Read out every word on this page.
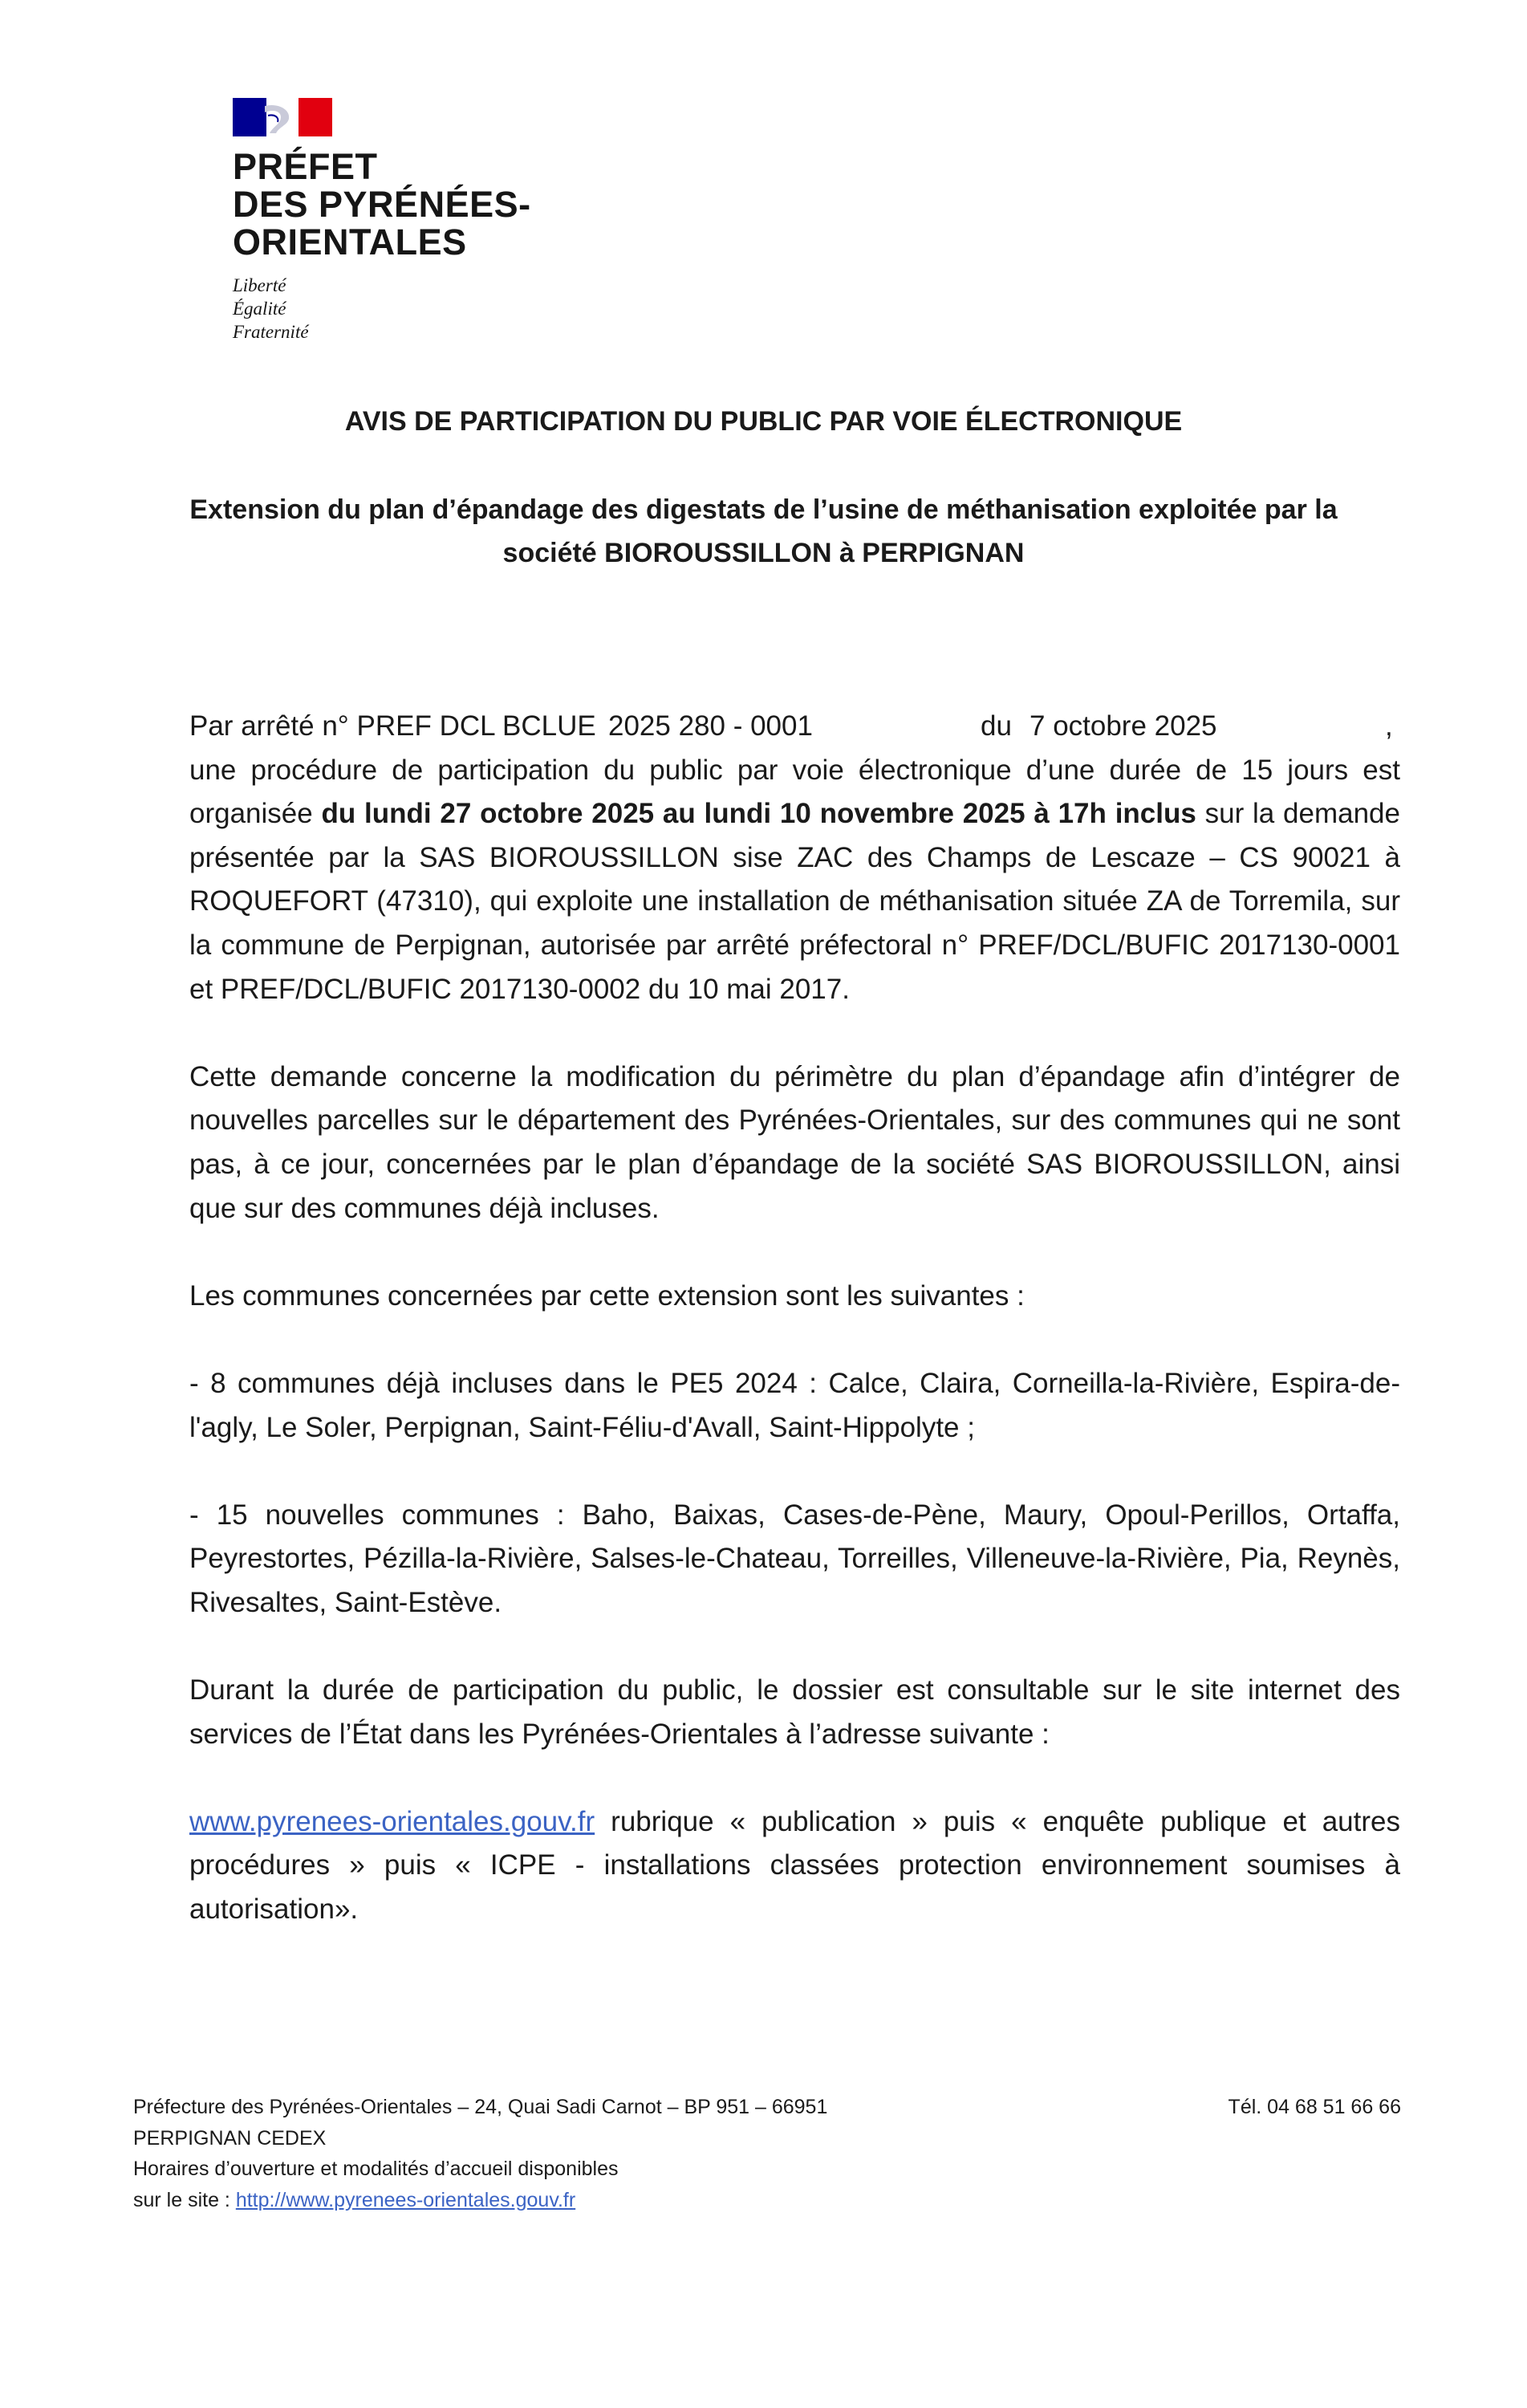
PRÉFET
DES PYRÉNÉES-
ORIENTALES
Liberté
Égalité
Fraternité
AVIS DE PARTICIPATION DU PUBLIC PAR VOIE ÉLECTRONIQUE
Extension du plan d’épandage des digestats de l’usine de méthanisation exploitée par la
société BIOROUSSILLON à PERPIGNAN
Par arrêté n° PREF DCL BCLUE 2025 280 - 0001	du 7 octobre 2025	,

une procédure de participation du public par voie électronique d’une durée de 15 jours est organisée du lundi 27 octobre 2025 au lundi 10 novembre 2025 à 17h inclus sur la demande présentée par la SAS BIOROUSSILLON sise ZAC des Champs de Lescaze – CS 90021 à ROQUEFORT (47310), qui exploite une installation de méthanisation située ZA de Torremila, sur la commune de Perpignan, autorisée par arrêté préfectoral n° PREF/DCL/BUFIC 2017130-0001 et PREF/DCL/BUFIC 2017130-0002 du 10 mai 2017.

Cette demande concerne la modification du périmètre du plan d’épandage afin d’intégrer de nouvelles parcelles sur le département des Pyrénées-Orientales, sur des communes qui ne sont pas, à ce jour, concernées par le plan d’épandage de la société SAS BIOROUSSILLON, ainsi que sur des communes déjà incluses.

Les communes concernées par cette extension sont les suivantes :

- 8 communes déjà incluses dans le PE5 2024 : Calce, Claira, Corneilla-la-Rivière, Espira-de-l'agly, Le Soler, Perpignan, Saint-Féliu-d'Avall, Saint-Hippolyte ;

- 15 nouvelles communes : Baho, Baixas, Cases-de-Pène, Maury, Opoul-Perillos, Ortaffa, Peyrestortes, Pézilla-la-Rivière, Salses-le-Chateau, Torreilles, Villeneuve-la-Rivière, Pia, Reynès, Rivesaltes, Saint-Estève.

Durant la durée de participation du public, le dossier est consultable sur le site internet des services de l’État dans les Pyrénées-Orientales à l’adresse suivante :

www.pyrenees-orientales.gouv.fr rubrique « publication » puis « enquête publique et autres procédures » puis « ICPE - installations classées protection environnement soumises à autorisation».

Préfecture des Pyrénées-Orientales – 24, Quai Sadi Carnot – BP 951 – 66951	Tél. 04 68 51 66 66
PERPIGNAN CEDEX
Horaires d’ouverture et modalités d’accueil disponibles
sur le site : http://www.pyrenees-orientales.gouv.fr
